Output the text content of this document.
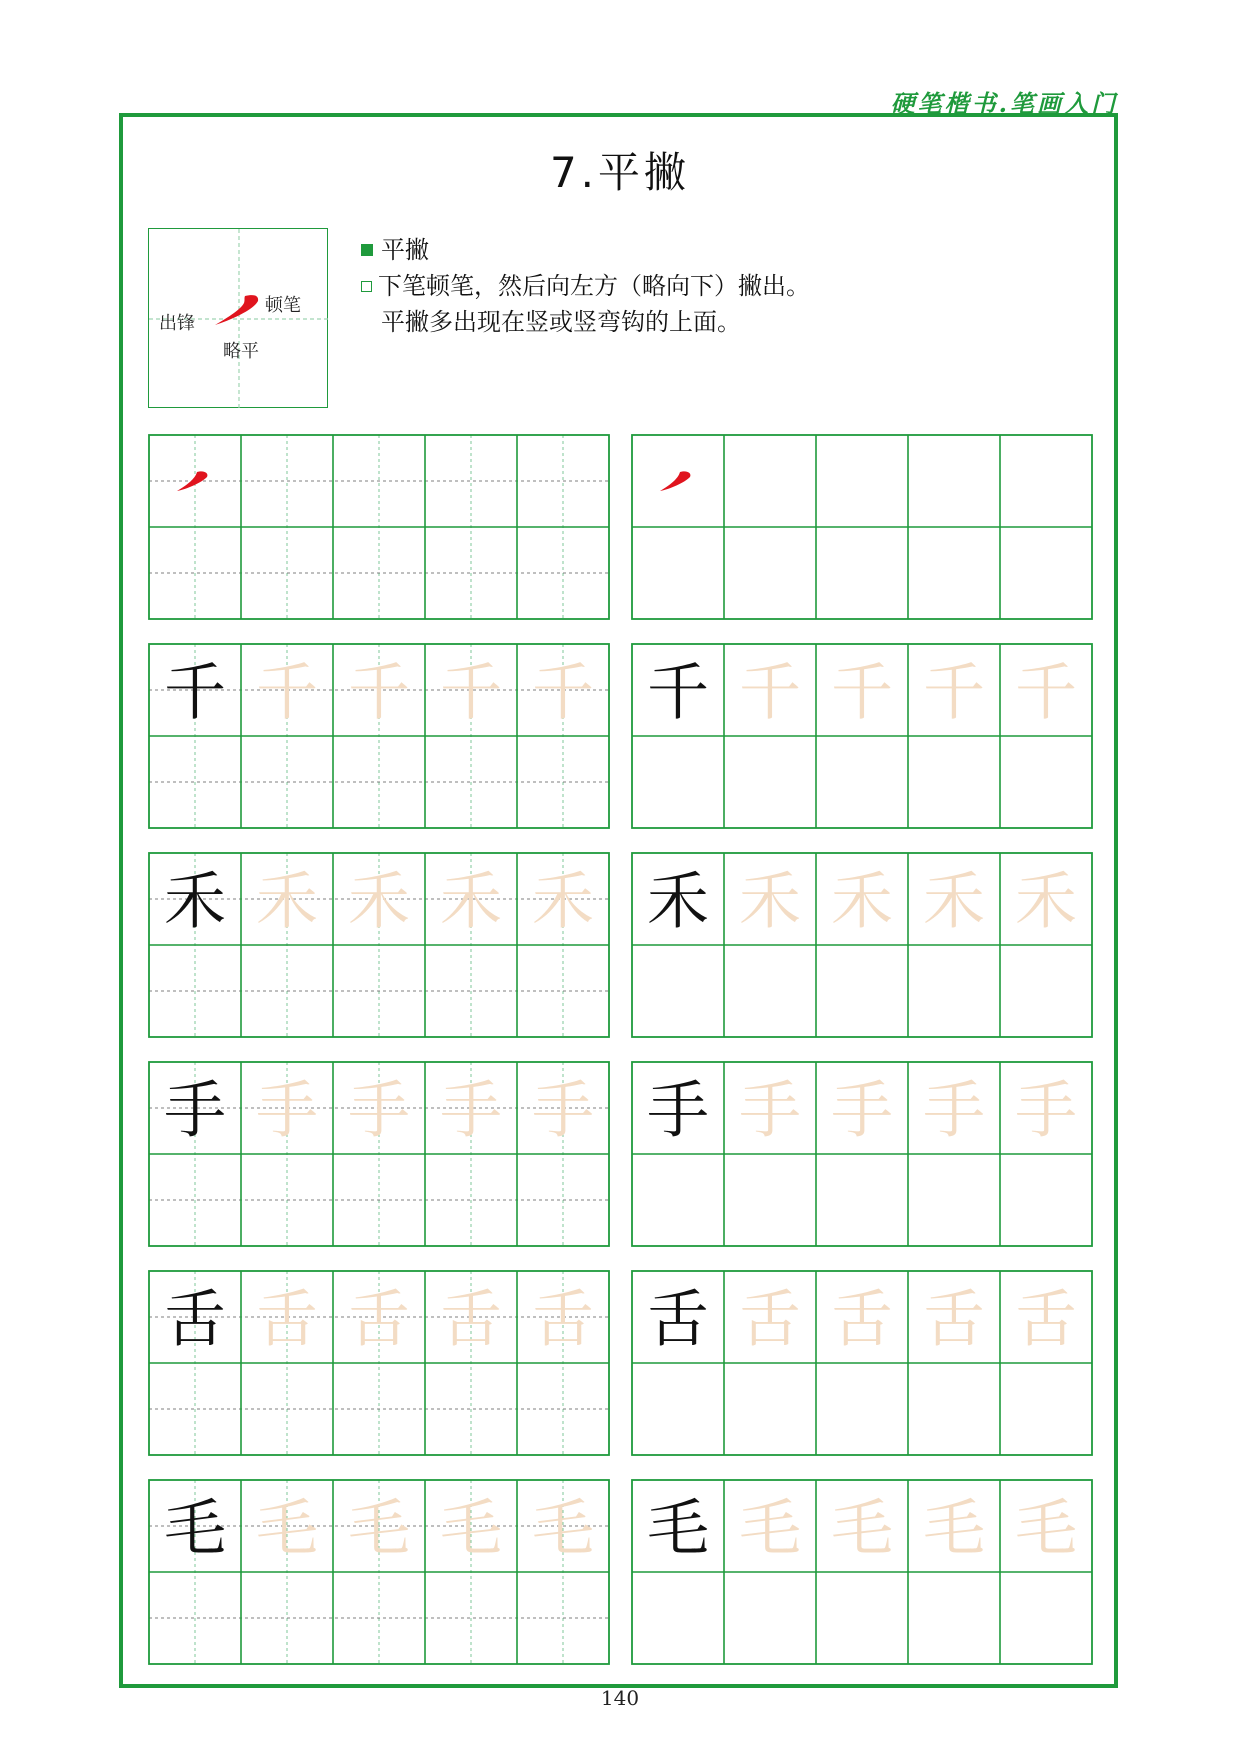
硬笔楷书.笔画入门
7.平撇
出锋
顿笔
略平
平撇
下笔顿笔，然后向左方（略向下）撇出。
平撇多出现在竖或竖弯钩的上面。
千 千 千 千 千 千 千 千 千 千
禾 禾 禾 禾 禾 禾 禾 禾 禾 禾
手 手 手 手 手 手 手 手 手 手
舌 舌 舌 舌 舌 舌 舌 舌 舌 舌
毛 毛 毛 毛 毛 毛 毛 毛 毛 毛
140
